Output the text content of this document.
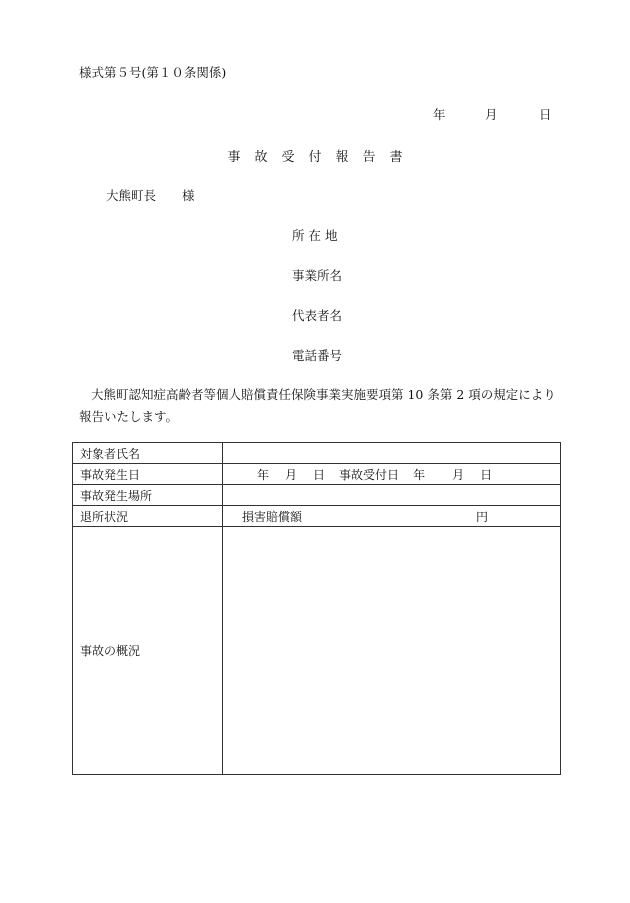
様式第５号(第１０条関係)
年	月	日
事 故 受 付 報 告 書
大熊町長 様
所 在 地
事業所名
代表者名
電話番号
大熊町認知症高齢者等個人賠償責任保険事業実施要項第 10 条第 2 項の規定により報告いたします。
対象者氏名	
事故発生日	年 月 日 事故受付日 年 月 日
事故発生場所	
退所状況	損害賠償額 円
事故の概況	
